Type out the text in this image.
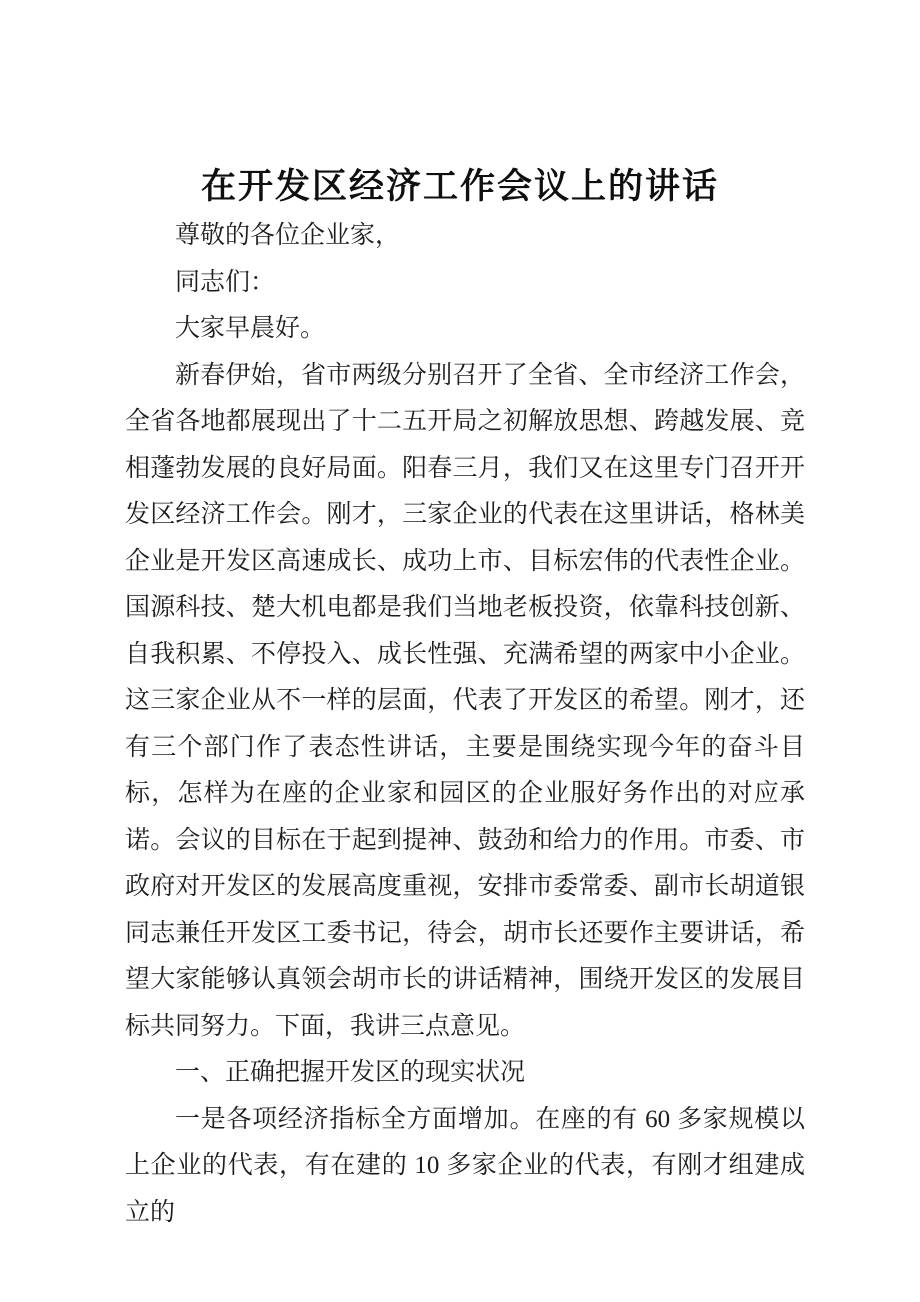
在开发区经济工作会议上的讲话

尊敬的各位企业家，

同志们：

大家早晨好。

新春伊始，省市两级分别召开了全省、全市经济工作会，全省各地都展现出了十二五开局之初解放思想、跨越发展、竞相蓬勃发展的良好局面。阳春三月，我们又在这里专门召开开发区经济工作会。刚才，三家企业的代表在这里讲话，格林美企业是开发区高速成长、成功上市、目标宏伟的代表性企业。国源科技、楚大机电都是我们当地老板投资，依靠科技创新、自我积累、不停投入、成长性强、充满希望的两家中小企业。这三家企业从不一样的层面，代表了开发区的希望。刚才，还有三个部门作了表态性讲话，主要是围绕实现今年的奋斗目标，怎样为在座的企业家和园区的企业服好务作出的对应承诺。会议的目标在于起到提神、鼓劲和给力的作用。市委、市政府对开发区的发展高度重视，安排市委常委、副市长胡道银同志兼任开发区工委书记，待会，胡市长还要作主要讲话，希望大家能够认真领会胡市长的讲话精神，围绕开发区的发展目标共同努力。下面，我讲三点意见。

一、正确把握开发区的现实状况

一是各项经济指标全方面增加。在座的有 60 多家规模以上企业的代表，有在建的 10 多家企业的代表，有刚才组建成立的
